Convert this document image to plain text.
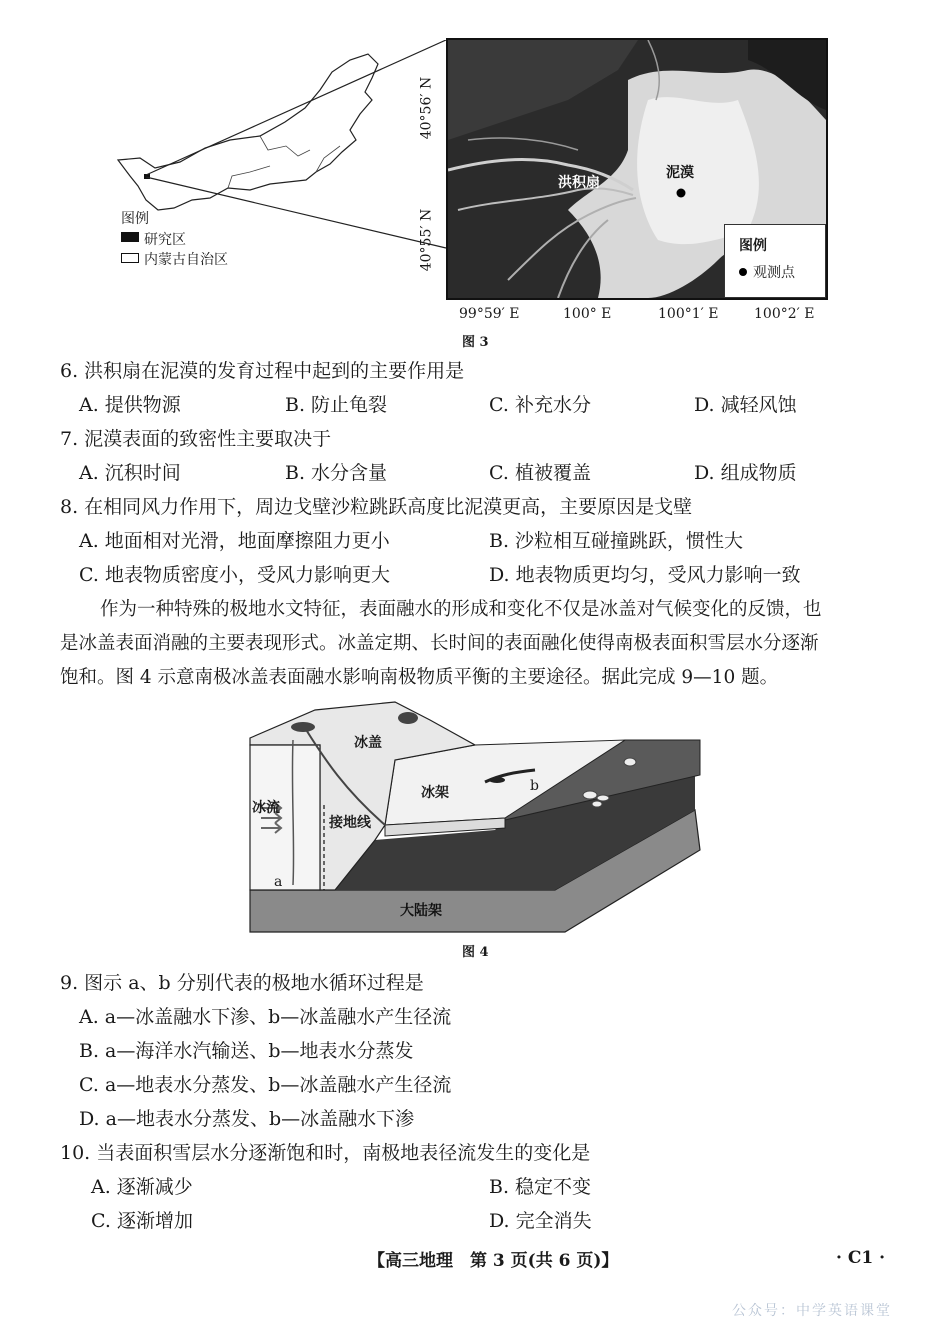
图例
研究区
内蒙古自治区
40°56′ N
40°55′ N
洪积扇
泥漠
图例
观测点
99°59′ E	100° E	100°1′ E	100°2′ E
图 3
6. 洪积扇在泥漠的发育过程中起到的主要作用是
A. 提供物源	B. 防止龟裂	C. 补充水分	D. 减轻风蚀
7. 泥漠表面的致密性主要取决于
A. 沉积时间	B. 水分含量	C. 植被覆盖	D. 组成物质
8. 在相同风力作用下，周边戈壁沙粒跳跃高度比泥漠更高，主要原因是戈壁
A. 地面相对光滑，地面摩擦阻力更小	B. 沙粒相互碰撞跳跃，惯性大
C. 地表物质密度小，受风力影响更大	D. 地表物质更均匀，受风力影响一致
作为一种特殊的极地水文特征，表面融水的形成和变化不仅是冰盖对气候变化的反馈，也
是冰盖表面消融的主要表现形式。冰盖定期、长时间的表面融化使得南极表面积雪层水分逐渐
饱和。图 4 示意南极冰盖表面融水影响南极物质平衡的主要途径。据此完成 9—10 题。
冰盖
冰架
冰流
接地线
大陆架
a
b
图 4
9. 图示 a、b 分别代表的极地水循环过程是
A. a—冰盖融水下渗、b—冰盖融水产生径流
B. a—海洋水汽输送、b—地表水分蒸发
C. a—地表水分蒸发、b—冰盖融水产生径流
D. a—地表水分蒸发、b—冰盖融水下渗
10. 当表面积雪层水分逐渐饱和时，南极地表径流发生的变化是
A. 逐渐减少	B. 稳定不变
C. 逐渐增加	D. 完全消失
【高三地理　第 3 页(共 6 页)】	· C1 ·
公众号：中学英语课堂
